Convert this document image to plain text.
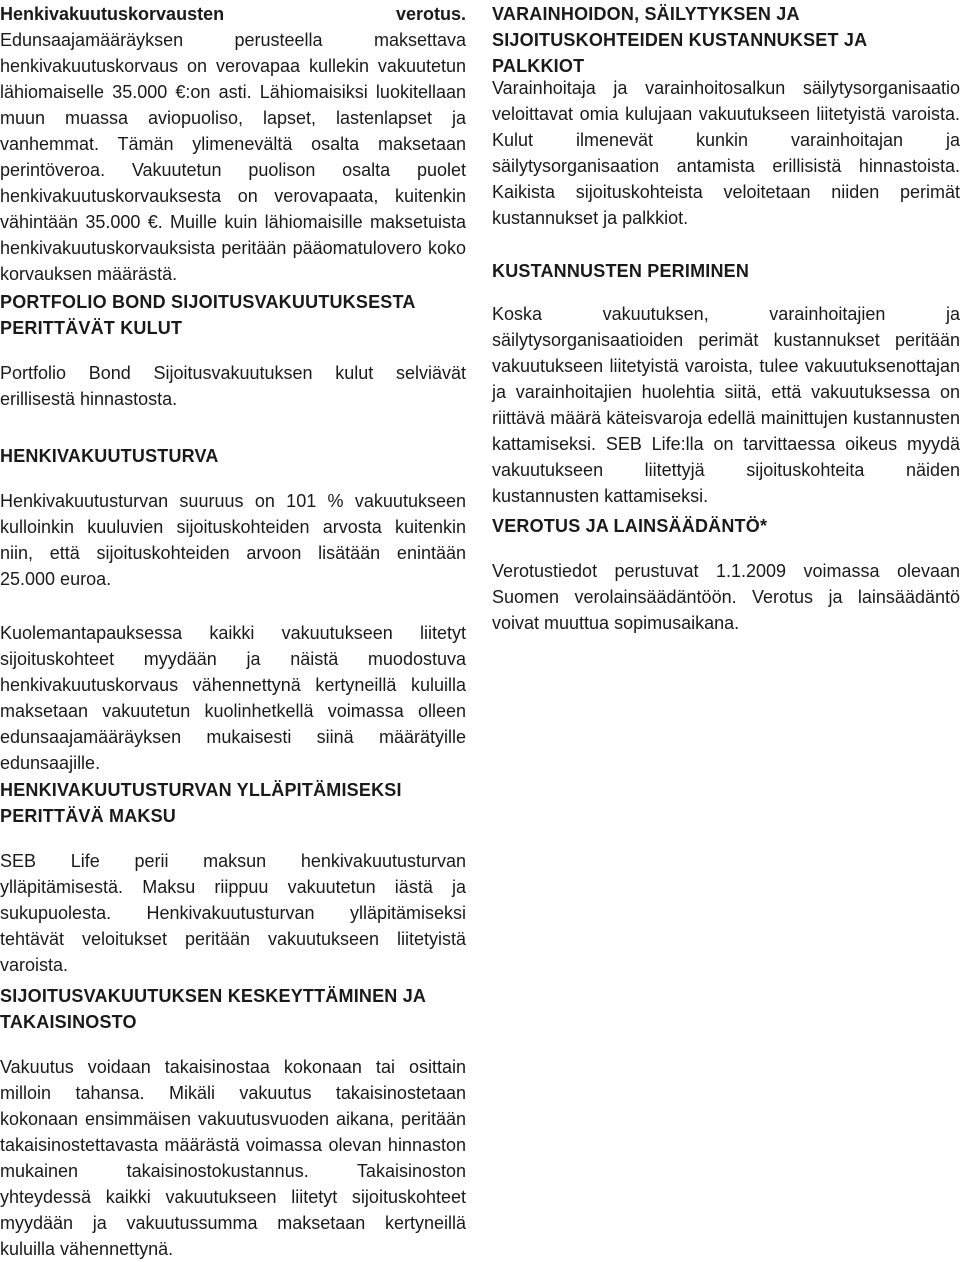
Henkivakuutuskorvausten verotus. Edunsaajamääräyksen perusteella maksettava henkivakuutuskorvaus on verovapaa kullekin vakuutetun lähiomaiselle 35.000 €:on asti. Lähiomaisiksi luokitellaan muun muassa aviopuoliso, lapset, lastenlapset ja vanhemmat. Tämän ylimenevältä osalta maksetaan perintöveroa. Vakuutetun puolison osalta puolet henkivakuutuskorvauksesta on verovapaata, kuitenkin vähintään 35.000 €. Muille kuin lähiomaisille maksetuista henkivakuutuskorvauksista peritään pääomatulovero koko korvauksen määrästä.

PORTFOLIO BOND SIJOITUSVAKUUTUKSESTA PERITTÄVÄT KULUT

Portfolio Bond Sijoitusvakuutuksen kulut selviävät erillisestä hinnastosta.

HENKIVAKUUTUSTURVA

Henkivakuutusturvan suuruus on 101 % vakuutukseen kulloinkin kuuluvien sijoituskohteiden arvosta kuitenkin niin, että sijoituskohteiden arvoon lisätään enintään 25.000 euroa.

Kuolemantapauksessa kaikki vakuutukseen liitetyt sijoituskohteet myydään ja näistä muodostuva henkivakuutuskorvaus vähennettynä kertyneillä kuluilla maksetaan vakuutetun kuolinhetkellä voimassa olleen edunsaajamääräyksen mukaisesti siinä määrätyille edunsaajille.

HENKIVAKUUTUSTURVAN YLLÄPITÄMISEKSI PERITTÄVÄ MAKSU

SEB Life perii maksun henkivakuutusturvan ylläpitämisestä. Maksu riippuu vakuutetun iästä ja sukupuolesta. Henkivakuutusturvan ylläpitämiseksi tehtävät veloitukset peritään vakuutukseen liitetyistä varoista.

SIJOITUSVAKUUTUKSEN KESKEYTTÄMINEN JA TAKAISINOSTO

Vakuutus voidaan takaisinostaa kokonaan tai osittain milloin tahansa. Mikäli vakuutus takaisinostetaan kokonaan ensimmäisen vakuutusvuoden aikana, peritään takaisinostettavasta määrästä voimassa olevan hinnaston mukainen takaisinostokustannus. Takaisinoston yhteydessä kaikki vakuutukseen liitetyt sijoituskohteet myydään ja vakuutussumma maksetaan kertyneillä kuluilla vähennettynä.

VARAINHOIDON, SÄILYTYKSEN JA SIJOITUSKOHTEIDEN KUSTANNUKSET JA PALKKIOT

Varainhoitaja ja varainhoitosalkun säilytysorganisaatio veloittavat omia kulujaan vakuutukseen liitetyistä varoista. Kulut ilmenevät kunkin varainhoitajan ja säilytysorganisaation antamista erillisistä hinnastoista. Kaikista sijoituskohteista veloitetaan niiden perimät kustannukset ja palkkiot.

KUSTANNUSTEN PERIMINEN

Koska vakuutuksen, varainhoitajien ja säilytysorganisaatioiden perimät kustannukset peritään vakuutukseen liitetyistä varoista, tulee vakuutuksenottajan ja varainhoitajien huolehtia siitä, että vakuutuksessa on riittävä määrä käteisvaroja edellä mainittujen kustannusten kattamiseksi. SEB Life:lla on tarvittaessa oikeus myydä vakuutukseen liitettyjä sijoituskohteita näiden kustannusten kattamiseksi.

VEROTUS JA LAINSÄÄDÄNTÖ*

Verotustiedot perustuvat 1.1.2009 voimassa olevaan Suomen verolainsäädäntöön. Verotus ja lainsäädäntö voivat muuttua sopimusaikana.
